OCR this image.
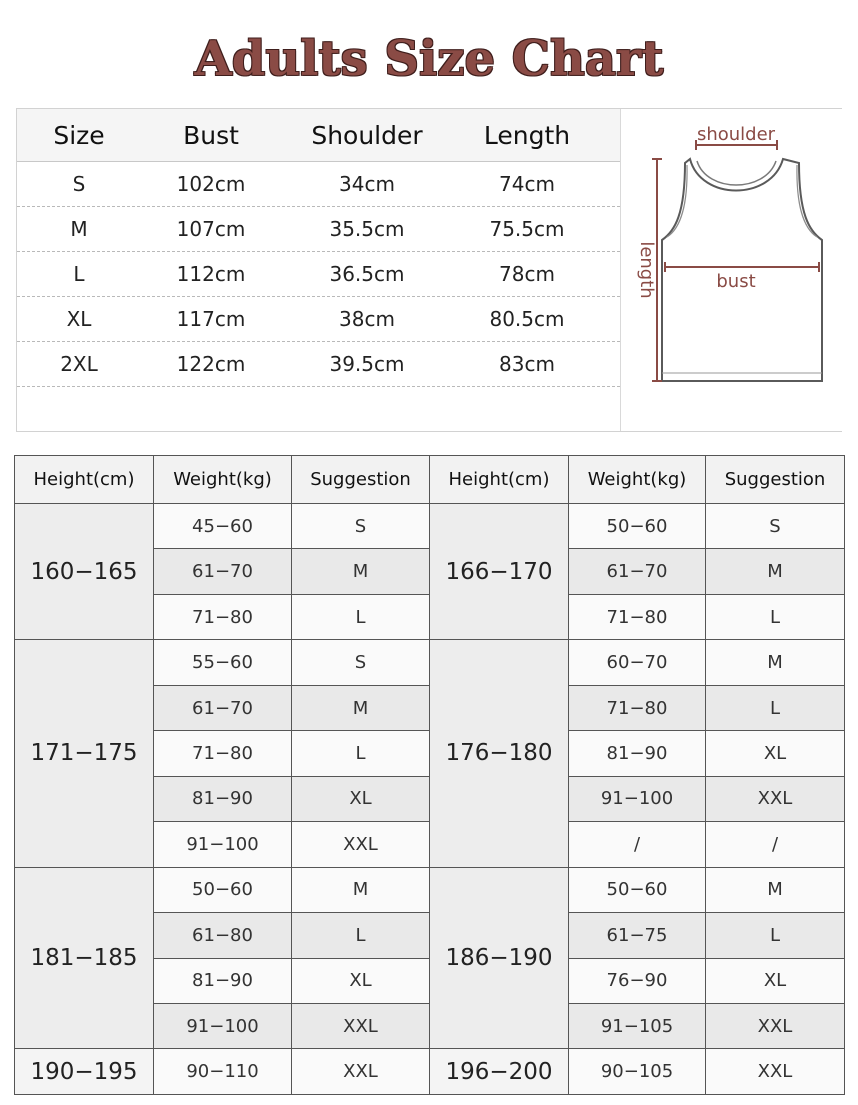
Adults Size Chart
Size	Bust	Shoulder	Length
S	102cm	34cm	74cm
M	107cm	35.5cm	75.5cm
L	112cm	36.5cm	78cm
XL	117cm	38cm	80.5cm
2XL	122cm	39.5cm	83cm
shoulder
bust
length
Height(cm)	Weight(kg)	Suggestion	Height(cm)	Weight(kg)	Suggestion
160−165	45−60	S	166−170	50−60	S
	61−70	M		61−70	M
	71−80	L		71−80	L
171−175	55−60	S	176−180	60−70	M
	61−70	M		71−80	L
	71−80	L		81−90	XL
	81−90	XL		91−100	XXL
	91−100	XXL		/	/
181−185	50−60	M	186−190	50−60	M
	61−80	L		61−75	L
	81−90	XL		76−90	XL
	91−100	XXL		91−105	XXL
190−195	90−110	XXL	196−200	90−105	XXL
